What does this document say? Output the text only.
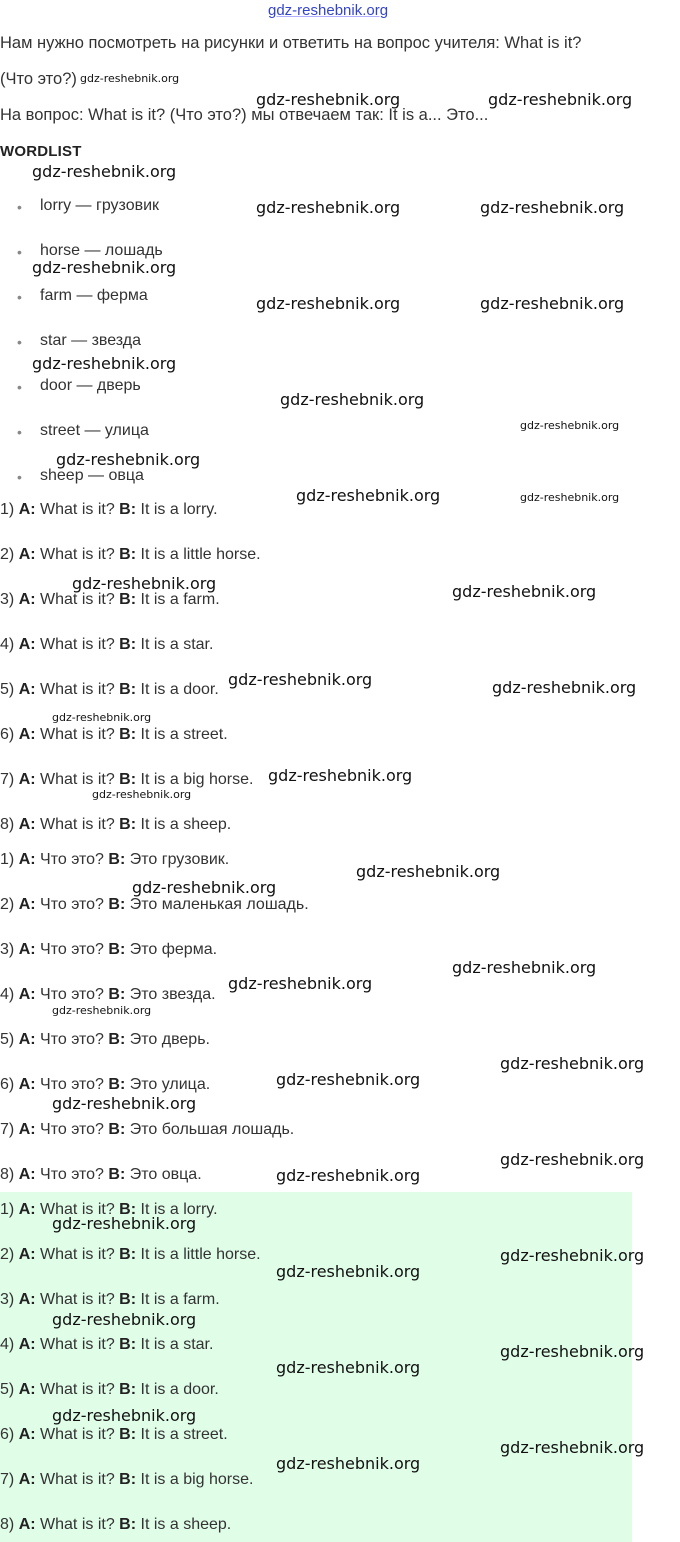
gdz-reshebnik.org
Нам нужно посмотреть на рисунки и ответить на вопрос учителя: What is it?
(Что это?)
На вопрос: What is it? (Что это?) мы отвечаем так: It is a... Это...
WORDLIST
• lorry — грузовик
• horse — лошадь
• farm — ферма
• star — звезда
• door — дверь
• street — улица
• sheep — овца
1) A: What is it? B: It is a lorry.
2) A: What is it? B: It is a little horse.
3) A: What is it? B: It is a farm.
4) A: What is it? B: It is a star.
5) A: What is it? B: It is a door.
6) A: What is it? B: It is a street.
7) A: What is it? B: It is a big horse.
8) A: What is it? B: It is a sheep.
1) A: Что это? B: Это грузовик.
2) A: Что это? B: Это маленькая лошадь.
3) A: Что это? B: Это ферма.
4) A: Что это? B: Это звезда.
5) A: Что это? B: Это дверь.
6) A: Что это? B: Это улица.
7) A: Что это? B: Это большая лошадь.
8) A: Что это? B: Это овца.
1) A: What is it? B: It is a lorry.
2) A: What is it? B: It is a little horse.
3) A: What is it? B: It is a farm.
4) A: What is it? B: It is a star.
5) A: What is it? B: It is a door.
6) A: What is it? B: It is a street.
7) A: What is it? B: It is a big horse.
8) A: What is it? B: It is a sheep.
gdz-reshebnik.org
gdz-reshebnik.org	gdz-reshebnik.org
gdz-reshebnik.org
gdz-reshebnik.org	gdz-reshebnik.org
gdz-reshebnik.org
gdz-reshebnik.org	gdz-reshebnik.org
gdz-reshebnik.org
gdz-reshebnik.org
gdz-reshebnik.org
gdz-reshebnik.org
gdz-reshebnik.org	gdz-reshebnik.org
gdz-reshebnik.org	gdz-reshebnik.org
gdz-reshebnik.org	gdz-reshebnik.org
gdz-reshebnik.org
gdz-reshebnik.org
gdz-reshebnik.org
gdz-reshebnik.org
gdz-reshebnik.org
gdz-reshebnik.org
gdz-reshebnik.org
gdz-reshebnik.org
gdz-reshebnik.org
gdz-reshebnik.org
gdz-reshebnik.org
gdz-reshebnik.org
gdz-reshebnik.org
gdz-reshebnik.org
gdz-reshebnik.org
gdz-reshebnik.org
gdz-reshebnik.org
gdz-reshebnik.org
gdz-reshebnik.org
gdz-reshebnik.org
gdz-reshebnik.org
gdz-reshebnik.org
